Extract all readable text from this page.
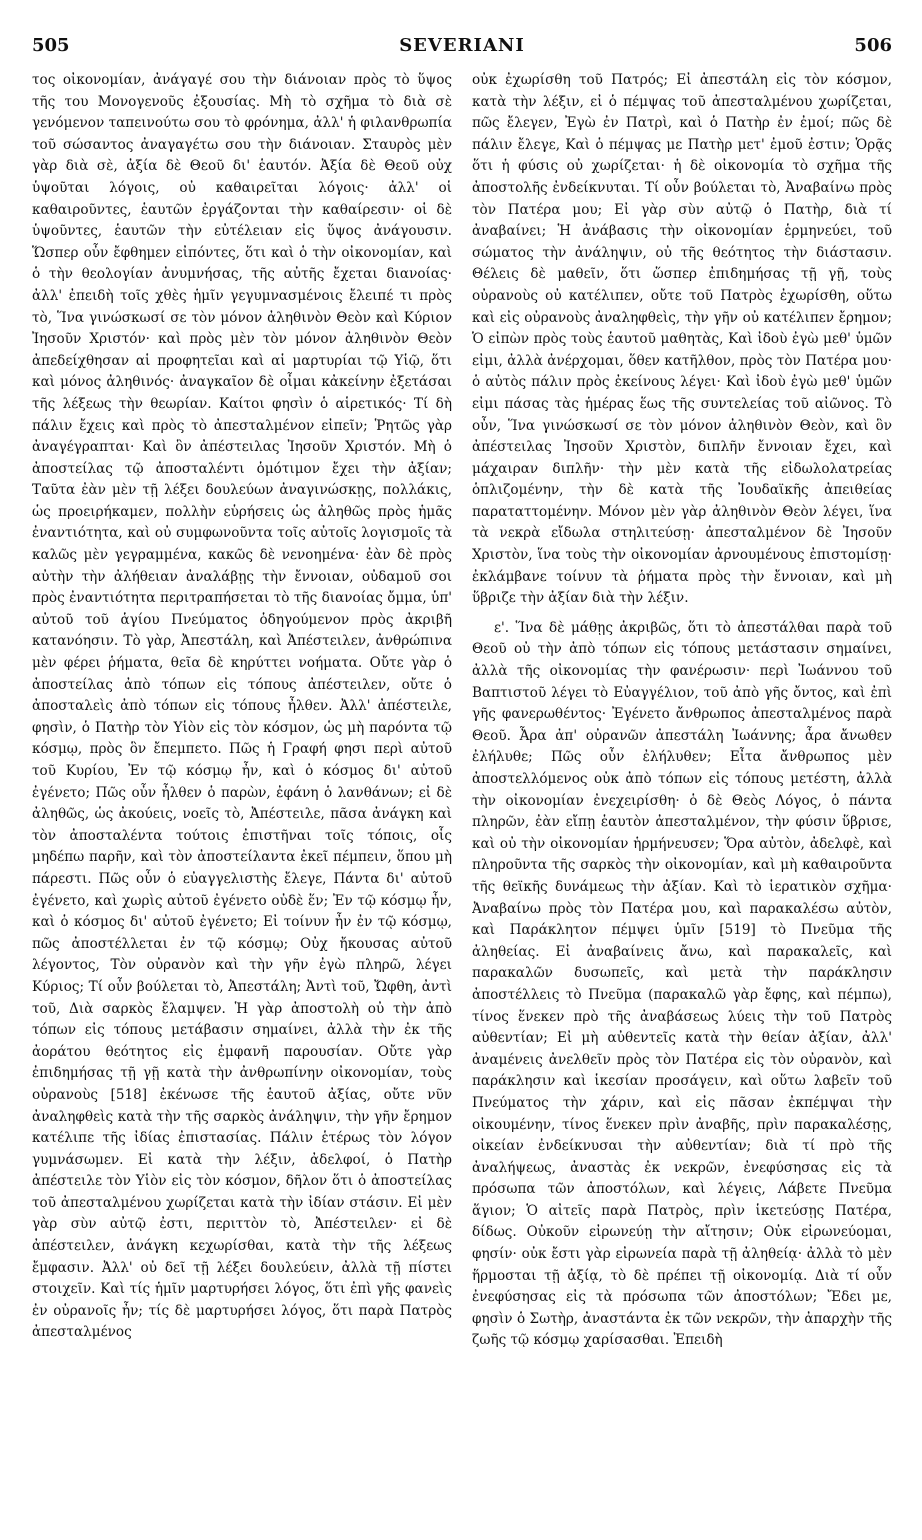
505	SEVERIANI	506

τος οἰκονομίαν, ἀνάγαγέ σου τὴν διάνοιαν πρὸς τὸ ὕψος τῆς του Μονογενοῦς ἐξουσίας. Μὴ τὸ σχῆμα τὸ διὰ σὲ γενόμενον ταπεινούτω σου τὸ φρόνημα, ἀλλ' ἡ φιλανθρωπία τοῦ σώσαντος ἀναγαγέτω σου τὴν διάνοιαν. Σταυρὸς μὲν γὰρ διὰ σὲ, ἀξία δὲ Θεοῦ δι' ἑαυτόν. Ἀξία δὲ Θεοῦ οὐχ ὑψοῦται λόγοις, οὐ καθαιρεῖται λόγοις· ἀλλ' οἱ καθαιροῦντες, ἑαυτῶν ἐργάζονται τὴν καθαίρεσιν· οἱ δὲ ὑψοῦντες, ἑαυτῶν τὴν εὐτέλειαν εἰς ὕψος ἀνάγουσιν. Ὥσπερ οὖν ἔφθημεν εἰπόντες, ὅτι καὶ ὁ τὴν οἰκονομίαν, καὶ ὁ τὴν θεολογίαν ἀνυμνήσας, τῆς αὐτῆς ἔχεται διανοίας· ἀλλ' ἐπειδὴ τοῖς χθὲς ἡμῖν γεγυμνασμένοις ἔλειπέ τι πρὸς τὸ, Ἵνα γινώσκωσί σε τὸν μόνον ἀληθινὸν Θεὸν καὶ Κύριον Ἰησοῦν Χριστόν· καὶ πρὸς μὲν τὸν μόνον ἀληθινὸν Θεὸν ἀπεδείχθησαν αἱ προφητεῖαι καὶ αἱ μαρτυρίαι τῷ Υἱῷ, ὅτι καὶ μόνος ἀληθινός· ἀναγκαῖον δὲ οἶμαι κἀκείνην ἐξετάσαι τῆς λέξεως τὴν θεωρίαν. Καίτοι φησὶν ὁ αἱρετικός· Τί δὴ πάλιν ἔχεις καὶ πρὸς τὸ ἀπεσταλμένον εἰπεῖν; Ῥητῶς γὰρ ἀναγέγραπται· Καὶ ὃν ἀπέστειλας Ἰησοῦν Χριστόν. Μὴ ὁ ἀποστείλας τῷ ἀποσταλέντι ὁμότιμον ἔχει τὴν ἀξίαν; Ταῦτα ἐὰν μὲν τῇ λέξει δουλεύων ἀναγινώσκῃς, πολλάκις, ὡς προειρήκαμεν, πολλὴν εὑρήσεις ὡς ἀληθῶς πρὸς ἡμᾶς ἐναντιότητα, καὶ οὐ συμφωνοῦντα τοῖς αὐτοῖς λογισμοῖς τὰ καλῶς μὲν γεγραμμένα, κακῶς δὲ νενοημένα· ἐὰν δὲ πρὸς αὐτὴν τὴν ἀλήθειαν ἀναλάβῃς τὴν ἔννοιαν, οὐδαμοῦ σοι πρὸς ἐναντιότητα περιτραπήσεται τὸ τῆς διανοίας ὄμμα, ὑπ' αὐτοῦ τοῦ ἁγίου Πνεύματος ὁδηγούμενον πρὸς ἀκριβῆ κατανόησιν. Τὸ γὰρ, Ἀπεστάλη, καὶ Ἀπέστειλεν, ἀνθρώπινα μὲν φέρει ῥήματα, θεῖα δὲ κηρύττει νοήματα. Οὔτε γὰρ ὁ ἀποστείλας ἀπὸ τόπων εἰς τόπους ἀπέστειλεν, οὔτε ὁ ἀποσταλεὶς ἀπὸ τόπων εἰς τόπους ἦλθεν. Ἀλλ' ἀπέστειλε, φησὶν, ὁ Πατὴρ τὸν Υἱὸν εἰς τὸν κόσμον, ὡς μὴ παρόντα τῷ κόσμῳ, πρὸς ὃν ἔπεμπετο. Πῶς ἡ Γραφή φησι περὶ αὐτοῦ τοῦ Κυρίου, Ἐν τῷ κόσμῳ ἦν, καὶ ὁ κόσμος δι' αὐτοῦ ἐγένετο; Πῶς οὖν ἦλθεν ὁ παρὼν, ἐφάνη ὁ λανθάνων; εἰ δὲ ἀληθῶς, ὡς ἀκούεις, νοεῖς τὸ, Ἀπέστειλε, πᾶσα ἀνάγκη καὶ τὸν ἀποσταλέντα τούτοις ἐπιστῆναι τοῖς τόποις, οἷς μηδέπω παρῆν, καὶ τὸν ἀποστείλαντα ἐκεῖ πέμπειν, ὅπου μὴ πάρεστι. Πῶς οὖν ὁ εὐαγγελιστὴς ἔλεγε, Πάντα δι' αὐτοῦ ἐγένετο, καὶ χωρὶς αὐτοῦ ἐγένετο οὐδὲ ἕν; Ἐν τῷ κόσμῳ ἦν, καὶ ὁ κόσμος δι' αὐτοῦ ἐγένετο; Εἰ τοίνυν ἦν ἐν τῷ κόσμῳ, πῶς ἀποστέλλεται ἐν τῷ κόσμῳ; Οὐχ ἤκουσας αὐτοῦ λέγοντος, Τὸν οὐρανὸν καὶ τὴν γῆν ἐγὼ πληρῶ, λέγει Κύριος; Τί οὖν βούλεται τὸ, Ἀπεστάλη; Ἀντὶ τοῦ, Ὤφθη, ἀντὶ τοῦ, Διὰ σαρκὸς ἔλαμψεν. Ἡ γὰρ ἀποστολὴ οὐ τὴν ἀπὸ τόπων εἰς τόπους μετάβασιν σημαίνει, ἀλλὰ τὴν ἐκ τῆς ἀοράτου θεότητος εἰς ἐμφανῆ παρουσίαν. Οὔτε γὰρ ἐπιδημήσας τῇ γῇ κατὰ τὴν ἀνθρωπίνην οἰκονομίαν, τοὺς οὐρανοὺς [518] ἐκένωσε τῆς ἑαυτοῦ ἀξίας, οὔτε νῦν ἀναληφθεὶς κατὰ τὴν τῆς σαρκὸς ἀνάληψιν, τὴν γῆν ἔρημον κατέλιπε τῆς ἰδίας ἐπιστασίας. Πάλιν ἑτέρως τὸν λόγον γυμνάσωμεν. Εἰ κατὰ τὴν λέξιν, ἀδελφοί, ὁ Πατὴρ ἀπέστειλε τὸν Υἱὸν εἰς τὸν κόσμον, δῆλον ὅτι ὁ ἀποστείλας τοῦ ἀπεσταλμένου χωρίζεται κατὰ τὴν ἰδίαν στάσιν. Εἰ μὲν γὰρ σὺν αὐτῷ ἐστι, περιττὸν τὸ, Ἀπέστειλεν· εἰ δὲ ἀπέστειλεν, ἀνάγκη κεχωρίσθαι, κατὰ τὴν τῆς λέξεως ἔμφασιν. Ἀλλ' οὐ δεῖ τῇ λέξει δουλεύειν, ἀλλὰ τῇ πίστει στοιχεῖν. Καὶ τίς ἡμῖν μαρτυρήσει λόγος, ὅτι ἐπὶ γῆς φανεὶς ἐν οὐρανοῖς ἦν; τίς δὲ μαρτυρήσει λόγος, ὅτι παρὰ Πατρὸς ἀπεσταλμένος

οὐκ ἐχωρίσθη τοῦ Πατρός; Εἰ ἀπεστάλη εἰς τὸν κόσμον, κατὰ τὴν λέξιν, εἰ ὁ πέμψας τοῦ ἀπεσταλμένου χωρίζεται, πῶς ἔλεγεν, Ἐγὼ ἐν Πατρὶ, καὶ ὁ Πατὴρ ἐν ἐμοί; πῶς δὲ πάλιν ἔλεγε, Καὶ ὁ πέμψας με Πατὴρ μετ' ἐμοῦ ἐστιν; Ὁρᾷς ὅτι ἡ φύσις οὐ χωρίζεται· ἡ δὲ οἰκονομία τὸ σχῆμα τῆς ἀποστολῆς ἐνδείκνυται. Τί οὖν βούλεται τὸ, Ἀναβαίνω πρὸς τὸν Πατέρα μου; Εἰ γὰρ σὺν αὐτῷ ὁ Πατὴρ, διὰ τί ἀναβαίνει; Ἡ ἀνάβασις τὴν οἰκονομίαν ἑρμηνεύει, τοῦ σώματος τὴν ἀνάληψιν, οὐ τῆς θεότητος τὴν διάστασιν. Θέλεις δὲ μαθεῖν, ὅτι ὥσπερ ἐπιδημήσας τῇ γῇ, τοὺς οὐρανοὺς οὐ κατέλιπεν, οὔτε τοῦ Πατρὸς ἐχωρίσθη, οὕτω καὶ εἰς οὐρανοὺς ἀναληφθεὶς, τὴν γῆν οὐ κατέλιπεν ἔρημον; Ὁ εἰπὼν πρὸς τοὺς ἑαυτοῦ μαθητὰς, Καὶ ἰδοὺ ἐγὼ μεθ' ὑμῶν εἰμι, ἀλλὰ ἀνέρχομαι, ὅθεν κατῆλθον, πρὸς τὸν Πατέρα μου· ὁ αὐτὸς πάλιν πρὸς ἐκείνους λέγει· Καὶ ἰδοὺ ἐγὼ μεθ' ὑμῶν εἰμι πάσας τὰς ἡμέρας ἕως τῆς συντελείας τοῦ αἰῶνος. Τὸ οὖν, Ἵνα γινώσκωσί σε τὸν μόνον ἀληθινὸν Θεὸν, καὶ ὃν ἀπέστειλας Ἰησοῦν Χριστὸν, διπλῆν ἔννοιαν ἔχει, καὶ μάχαιραν διπλῆν· τὴν μὲν κατὰ τῆς εἰδωλολατρείας ὁπλιζομένην, τὴν δὲ κατὰ τῆς Ἰουδαϊκῆς ἀπειθείας παραταττομένην. Μόνον μὲν γὰρ ἀληθινὸν Θεὸν λέγει, ἵνα τὰ νεκρὰ εἴδωλα στηλιτεύσῃ· ἀπεσταλμένον δὲ Ἰησοῦν Χριστὸν, ἵνα τοὺς τὴν οἰκονομίαν ἀρνουμένους ἐπιστομίσῃ· ἐκλάμβανε τοίνυν τὰ ῥήματα πρὸς τὴν ἔννοιαν, καὶ μὴ ὕβριζε τὴν ἀξίαν διὰ τὴν λέξιν.

ε'. Ἵνα δὲ μάθῃς ἀκριβῶς, ὅτι τὸ ἀπεστάλθαι παρὰ τοῦ Θεοῦ οὐ τὴν ἀπὸ τόπων εἰς τόπους μετάστασιν σημαίνει, ἀλλὰ τῆς οἰκονομίας τὴν φανέρωσιν· περὶ Ἰωάννου τοῦ Βαπτιστοῦ λέγει τὸ Εὐαγγέλιον, τοῦ ἀπὸ γῆς ὄντος, καὶ ἐπὶ γῆς φανερωθέντος· Ἐγένετο ἄνθρωπος ἀπεσταλμένος παρὰ Θεοῦ. Ἆρα ἀπ' οὐρανῶν ἀπεστάλη Ἰωάννης; ἆρα ἄνωθεν ἐλήλυθε; Πῶς οὖν ἐλήλυθεν; Εἶτα ἄνθρωπος μὲν ἀποστελλόμενος οὐκ ἀπὸ τόπων εἰς τόπους μετέστη, ἀλλὰ τὴν οἰκονομίαν ἐνεχειρίσθη· ὁ δὲ Θεὸς Λόγος, ὁ πάντα πληρῶν, ἐὰν εἴπῃ ἑαυτὸν ἀπεσταλμένον, τὴν φύσιν ὕβρισε, καὶ οὐ τὴν οἰκονομίαν ἡρμήνευσεν; Ὅρα αὐτὸν, ἀδελφὲ, καὶ πληροῦντα τῆς σαρκὸς τὴν οἰκονομίαν, καὶ μὴ καθαιροῦντα τῆς θεϊκῆς δυνάμεως τὴν ἀξίαν. Καὶ τὸ ἱερατικὸν σχῆμα· Ἀναβαίνω πρὸς τὸν Πατέρα μου, καὶ παρακαλέσω αὐτὸν, καὶ Παράκλητον πέμψει ὑμῖν [519] τὸ Πνεῦμα τῆς ἀληθείας. Εἰ ἀναβαίνεις ἄνω, καὶ παρακαλεῖς, καὶ παρακαλῶν δυσωπεῖς, καὶ μετὰ τὴν παράκλησιν ἀποστέλλεις τὸ Πνεῦμα (παρακαλῶ γὰρ ἔφης, καὶ πέμπω), τίνος ἕνεκεν πρὸ τῆς ἀναβάσεως λύεις τὴν τοῦ Πατρὸς αὐθεντίαν; Εἰ μὴ αὐθεντεῖς κατὰ τὴν θείαν ἀξίαν, ἀλλ' ἀναμένεις ἀνελθεῖν πρὸς τὸν Πατέρα εἰς τὸν οὐρανὸν, καὶ παράκλησιν καὶ ἱκεσίαν προσάγειν, καὶ οὕτω λαβεῖν τοῦ Πνεύματος τὴν χάριν, καὶ εἰς πᾶσαν ἐκπέμψαι τὴν οἰκουμένην, τίνος ἕνεκεν πρὶν ἀναβῆς, πρὶν παρακαλέσῃς, οἰκείαν ἐνδείκνυσαι τὴν αὐθεντίαν; διὰ τί πρὸ τῆς ἀναλήψεως, ἀναστὰς ἐκ νεκρῶν, ἐνεφύσησας εἰς τὰ πρόσωπα τῶν ἀποστόλων, καὶ λέγεις, Λάβετε Πνεῦμα ἅγιον; Ὁ αἰτεῖς παρὰ Πατρὸς, πρὶν ἱκετεύσῃς Πατέρα, δίδως. Οὐκοῦν εἰρωνεύῃ τὴν αἴτησιν; Οὐκ εἰρωνεύομαι, φησίν· οὐκ ἔστι γὰρ εἰρωνεία παρὰ τῇ ἀληθείᾳ· ἀλλὰ τὸ μὲν ἥρμοσται τῇ ἀξίᾳ, τὸ δὲ πρέπει τῇ οἰκονομίᾳ. Διὰ τί οὖν ἐνεφύσησας εἰς τὰ πρόσωπα τῶν ἀποστόλων; Ἔδει με, φησὶν ὁ Σωτὴρ, ἀναστάντα ἐκ τῶν νεκρῶν, τὴν ἀπαρχὴν τῆς ζωῆς τῷ κόσμῳ χαρίσασθαι. Ἐπειδὴ
